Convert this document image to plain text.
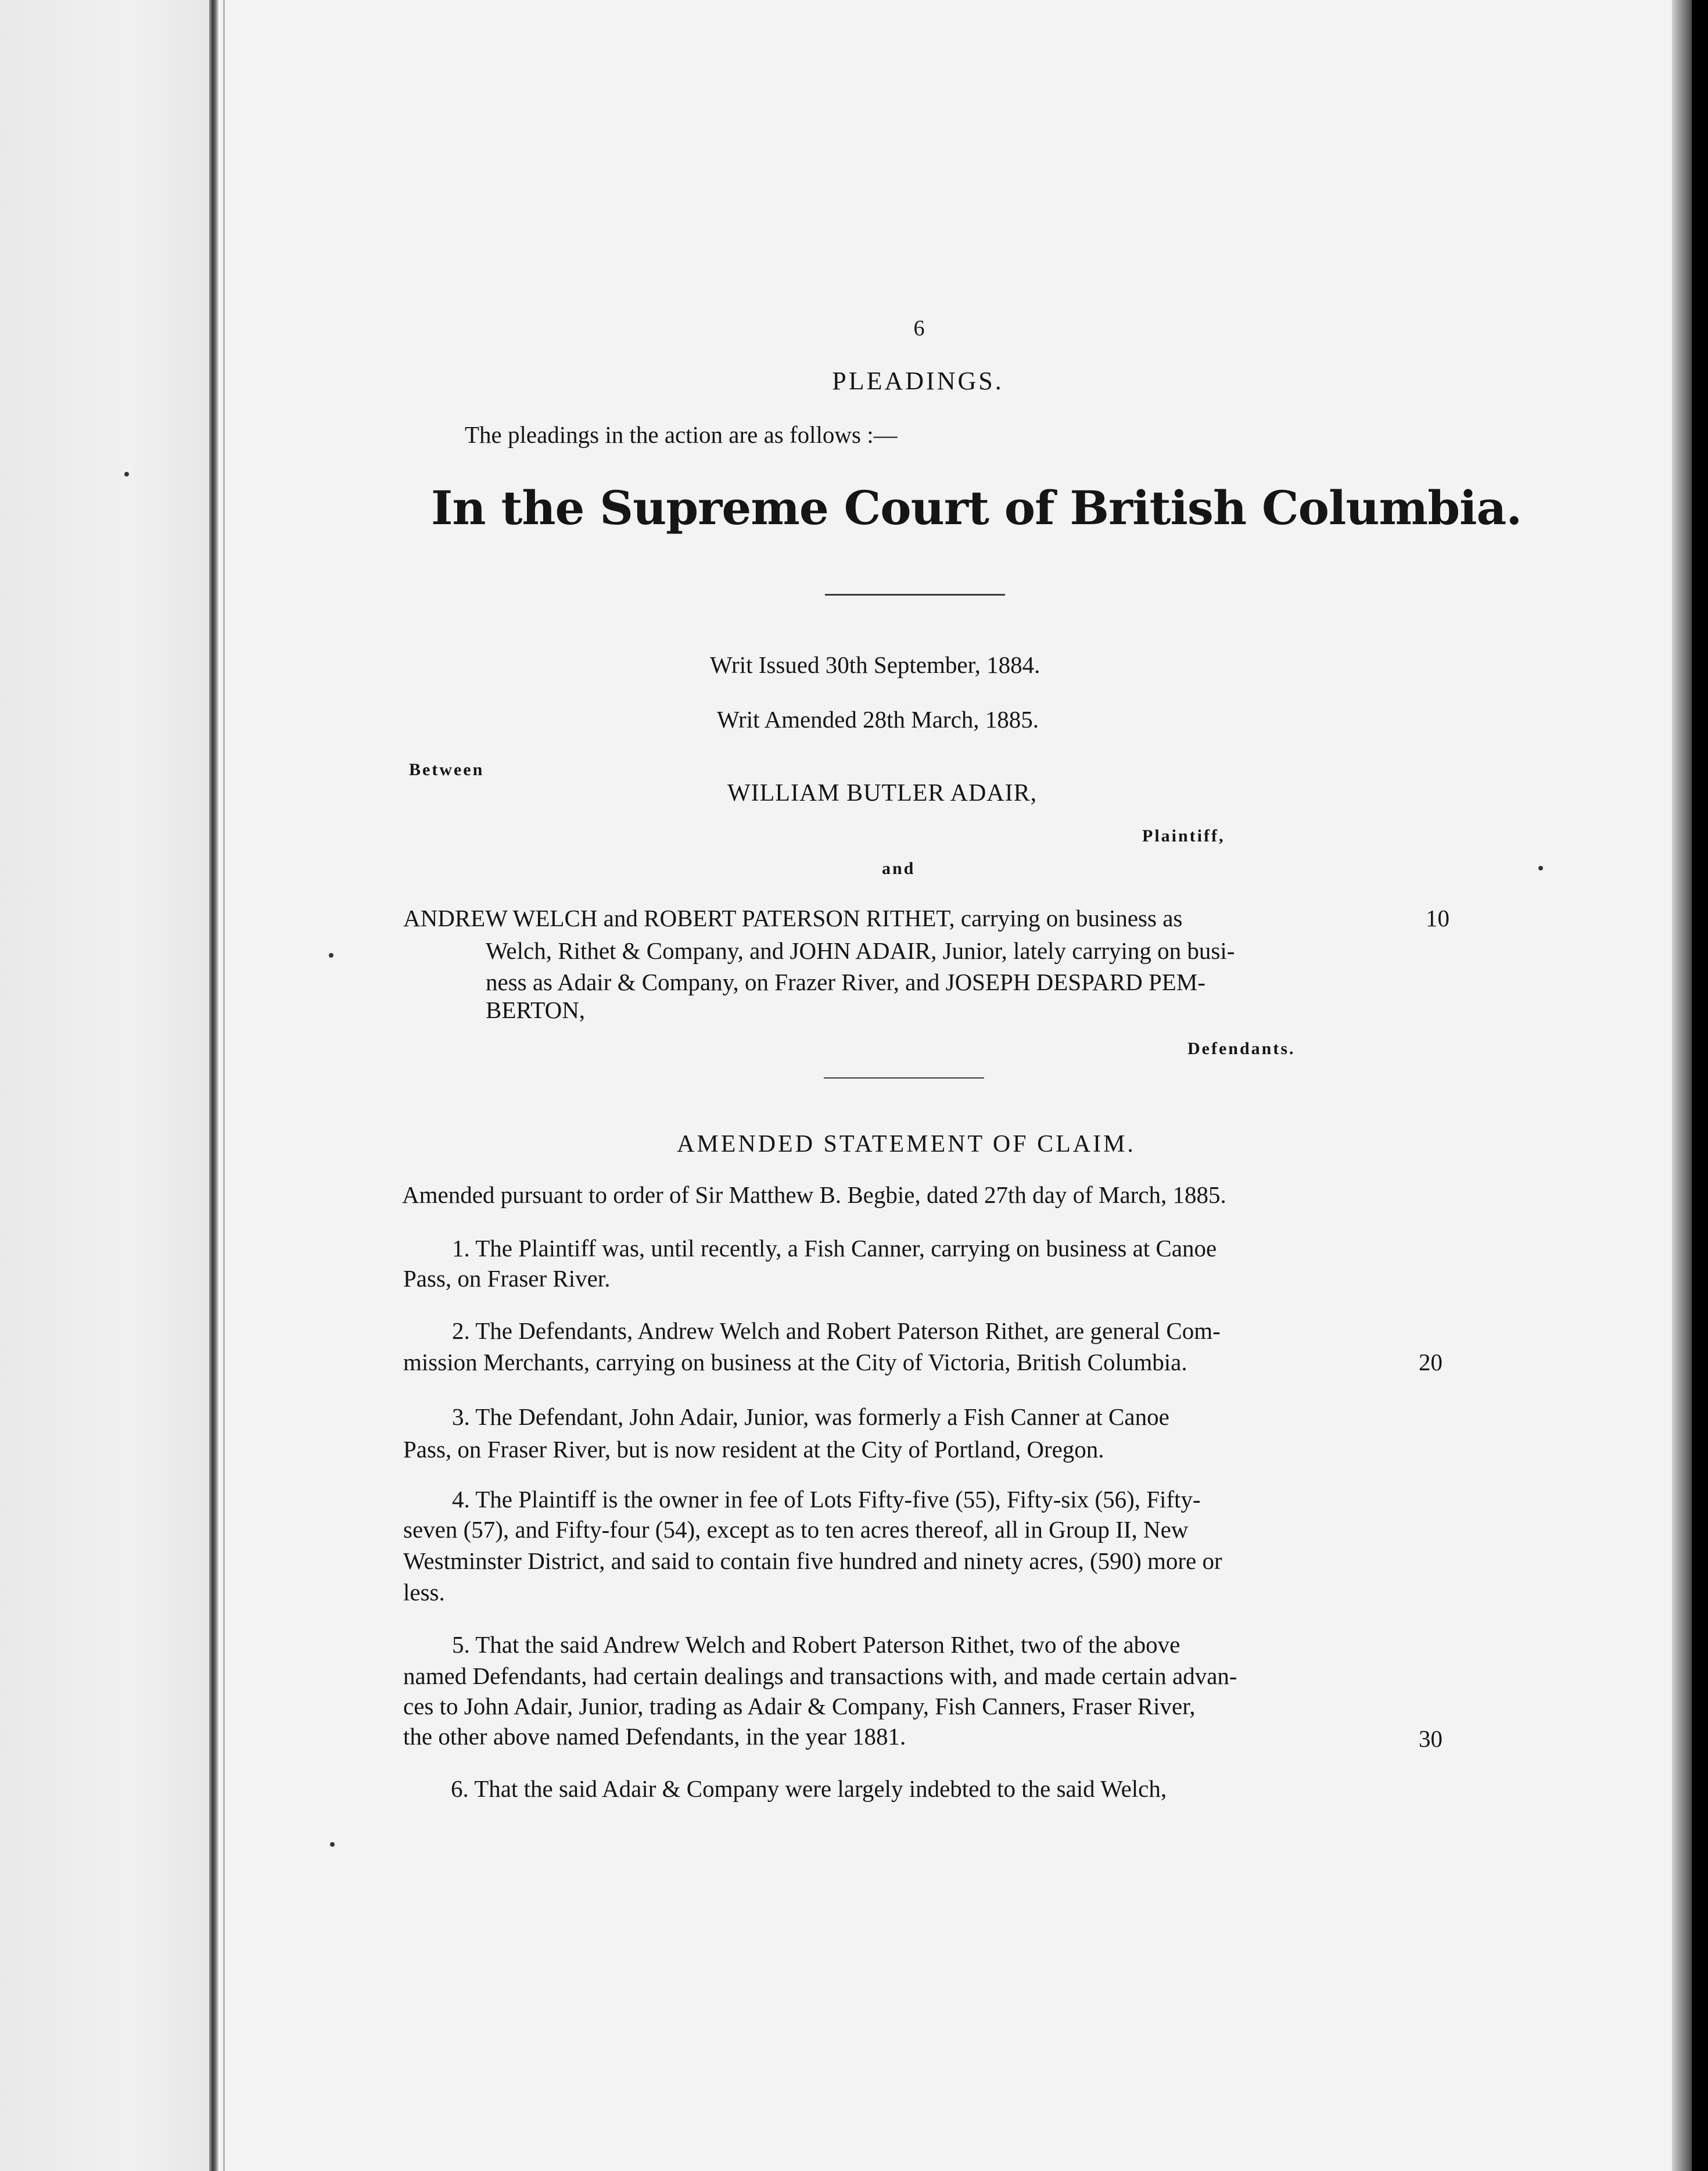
6
PLEADINGS.
The pleadings in the action are as follows :—
In the Supreme Court of British Columbia.
Writ Issued 30th September, 1884.
Writ Amended 28th March, 1885.
Between
WILLIAM BUTLER ADAIR,
Plaintiff,
and
ANDREW WELCH and ROBERT PATERSON RITHET, carrying on business as
Welch, Rithet & Company, and JOHN ADAIR, Junior, lately carrying on busi-
ness as Adair & Company, on Frazer River, and JOSEPH DESPARD PEM-
BERTON,
Defendants.
AMENDED STATEMENT OF CLAIM.
Amended pursuant to order of Sir Matthew B. Begbie, dated 27th day of March, 1885.
1. The Plaintiff was, until recently, a Fish Canner, carrying on business at Canoe
Pass, on Fraser River.
2. The Defendants, Andrew Welch and Robert Paterson Rithet, are general Com-
mission Merchants, carrying on business at the City of Victoria, British Columbia.
3. The Defendant, John Adair, Junior, was formerly a Fish Canner at Canoe
Pass, on Fraser River, but is now resident at the City of Portland, Oregon.
4. The Plaintiff is the owner in fee of Lots Fifty-five (55), Fifty-six (56), Fifty-
seven (57), and Fifty-four (54), except as to ten acres thereof, all in Group II, New
Westminster District, and said to contain five hundred and ninety acres, (590) more or
less.
5. That the said Andrew Welch and Robert Paterson Rithet, two of the above
named Defendants, had certain dealings and transactions with, and made certain advan-
ces to John Adair, Junior, trading as Adair & Company, Fish Canners, Fraser River,
the other above named Defendants, in the year 1881.
6. That the said Adair & Company were largely indebted to the said Welch,
10
20
30
